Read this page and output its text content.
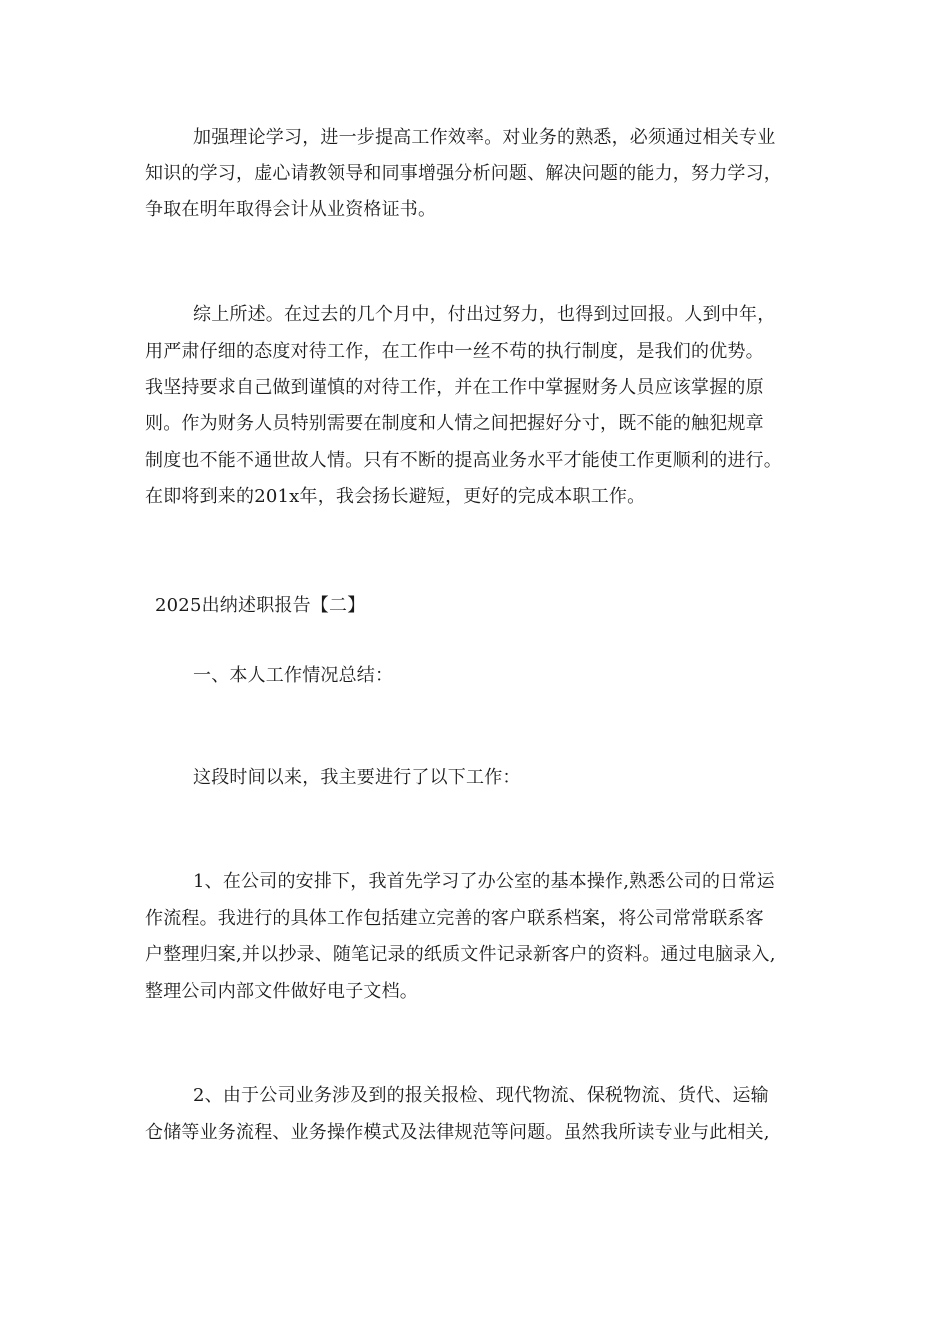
加强理论学习，进一步提高工作效率。对业务的熟悉，必须通过相关专业
知识的学习，虚心请教领导和同事增强分析问题、解决问题的能力，努力学习，
争取在明年取得会计从业资格证书。
综上所述。在过去的几个月中，付出过努力，也得到过回报。人到中年，
用严肃仔细的态度对待工作，在工作中一丝不苟的执行制度，是我们的优势。
我坚持要求自己做到谨慎的对待工作，并在工作中掌握财务人员应该掌握的原
则。作为财务人员特别需要在制度和人情之间把握好分寸，既不能的触犯规章
制度也不能不通世故人情。只有不断的提高业务水平才能使工作更顺利的进行。
在即将到来的201x年，我会扬长避短，更好的完成本职工作。
2025出纳述职报告【二】
一、本人工作情况总结：
这段时间以来，我主要进行了以下工作：
1、在公司的安排下，我首先学习了办公室的基本操作,熟悉公司的日常运
作流程。我进行的具体工作包括建立完善的客户联系档案，将公司常常联系客
户整理归案,并以抄录、随笔记录的纸质文件记录新客户的资料。通过电脑录入,
整理公司内部文件做好电子文档。
2、由于公司业务涉及到的报关报检、现代物流、保税物流、货代、运输
仓储等业务流程、业务操作模式及法律规范等问题。虽然我所读专业与此相关,
